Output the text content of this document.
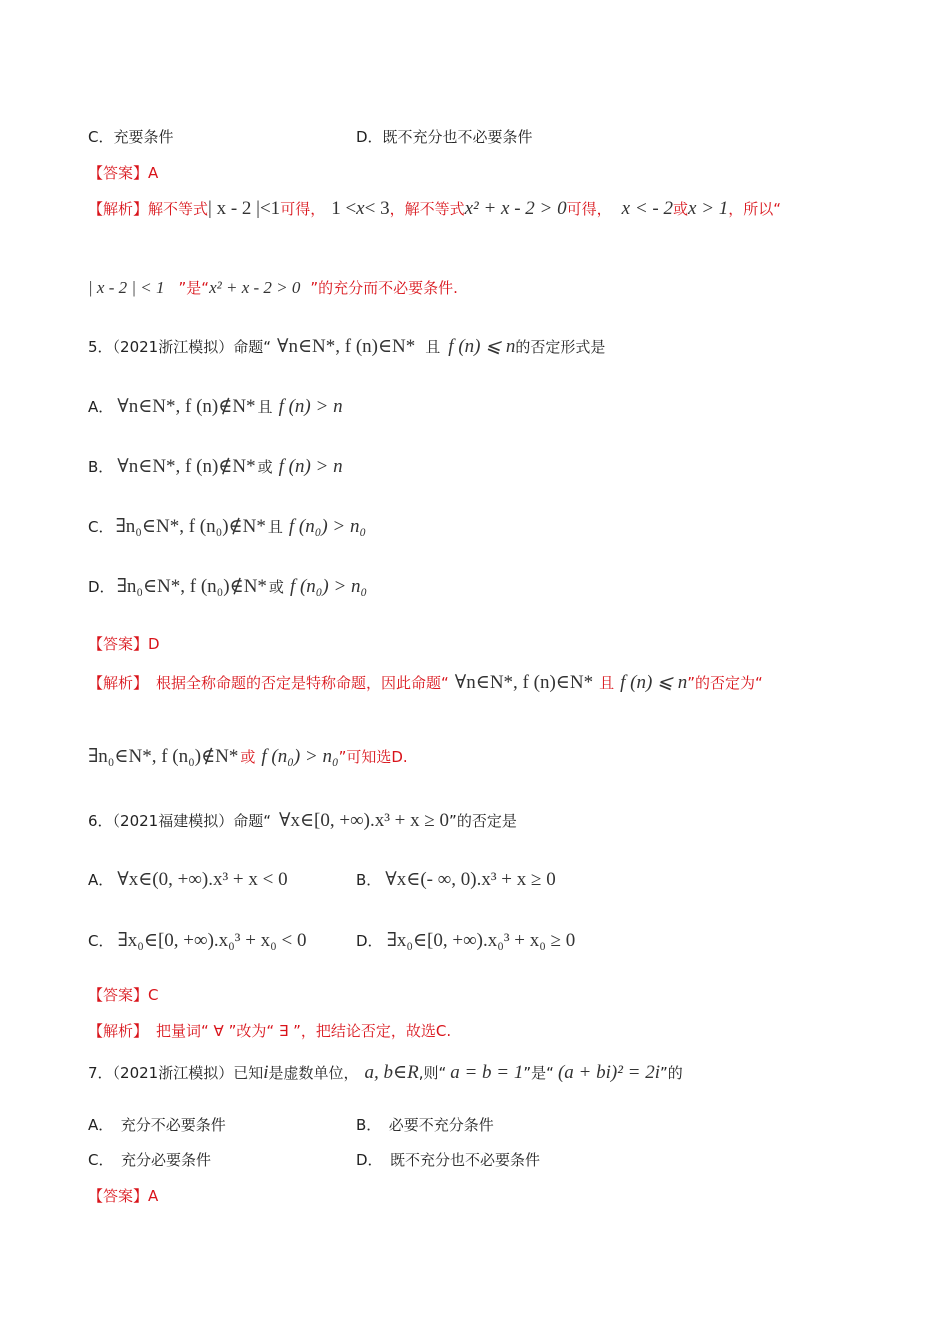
C．充要条件	D．既不充分也不必要条件
【答案】A
【解析】解不等式| x - 2 |<1可得， 1 <x< 3，解不等式x² + x - 2 > 0可得， x < - 2或x > 1，所以“
| x - 2 | < 1 ”是“x² + x - 2 > 0 ”的充分而不必要条件.
5．（2021浙江模拟）命题“ ∀n∈N*, f (n)∈N* 且 f (n) ⩽ n的否定形式是
A． ∀n∈N*, f (n)∉N* 且 f (n) > n
B． ∀n∈N*, f (n)∉N* 或 f (n) > n
C． ∃n₀∈N*, f (n₀)∉N* 且 f (n₀) > n₀
D． ∃n₀∈N*, f (n₀)∉N* 或 f (n₀) > n₀
【答案】D
【解析】 根据全称命题的否定是特称命题，因此命题“ ∀n∈N*, f (n)∈N* 且 f (n) ⩽ n”的否定为“
∃n₀∈N*, f (n₀)∉N* 或 f (n₀) > n₀”可知选D.
6．（2021福建模拟）命题“ ∀x∈[0, +∞).x³ + x ≥ 0”的否定是
A． ∀x∈(0, +∞).x³ + x < 0	B． ∀x∈(- ∞, 0).x³ + x ≥ 0
C． ∃x₀∈[0, +∞).x₀³ + x₀ < 0	D． ∃x₀∈[0, +∞).x₀³ + x₀ ≥ 0
【答案】C
【解析】 把量词“ ∀ ”改为“ ∃ ”，把结论否定，故选C.
7．（2021浙江模拟）已知i是虚数单位， a, b∈R,则“ a = b = 1”是“ (a + bi)² = 2i”的
A．　充分不必要条件	B．　必要不充分条件
C．　充分必要条件	D．　既不充分也不必要条件
【答案】A
